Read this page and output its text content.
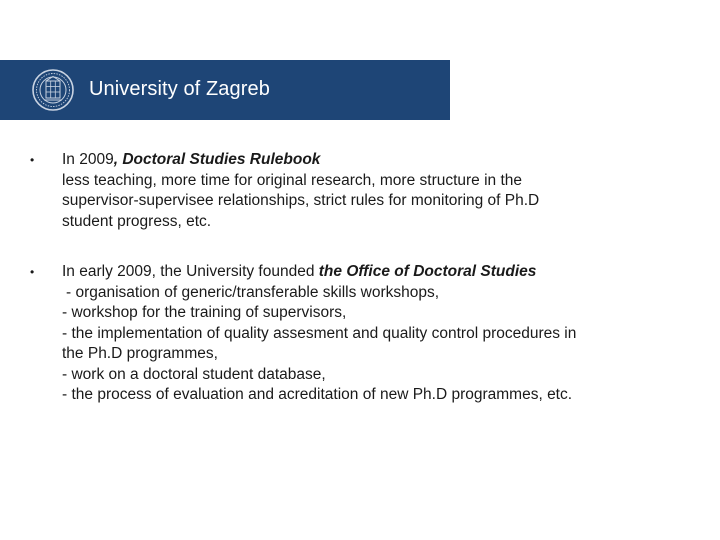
University of Zagreb
•	In 2009, Doctoral Studies Rulebook
less teaching, more time for original research, more structure in the
supervisor-supervisee relationships, strict rules for monitoring of Ph.D
student progress, etc.
•	In early 2009, the University founded the Office of Doctoral Studies
- organisation of generic/transferable skills workshops,
- workshop for the training of supervisors,
- the implementation of quality assesment and quality control procedures in
the Ph.D programmes,
- work on a doctoral student database,
- the process of evaluation and acreditation of new Ph.D programmes, etc.
